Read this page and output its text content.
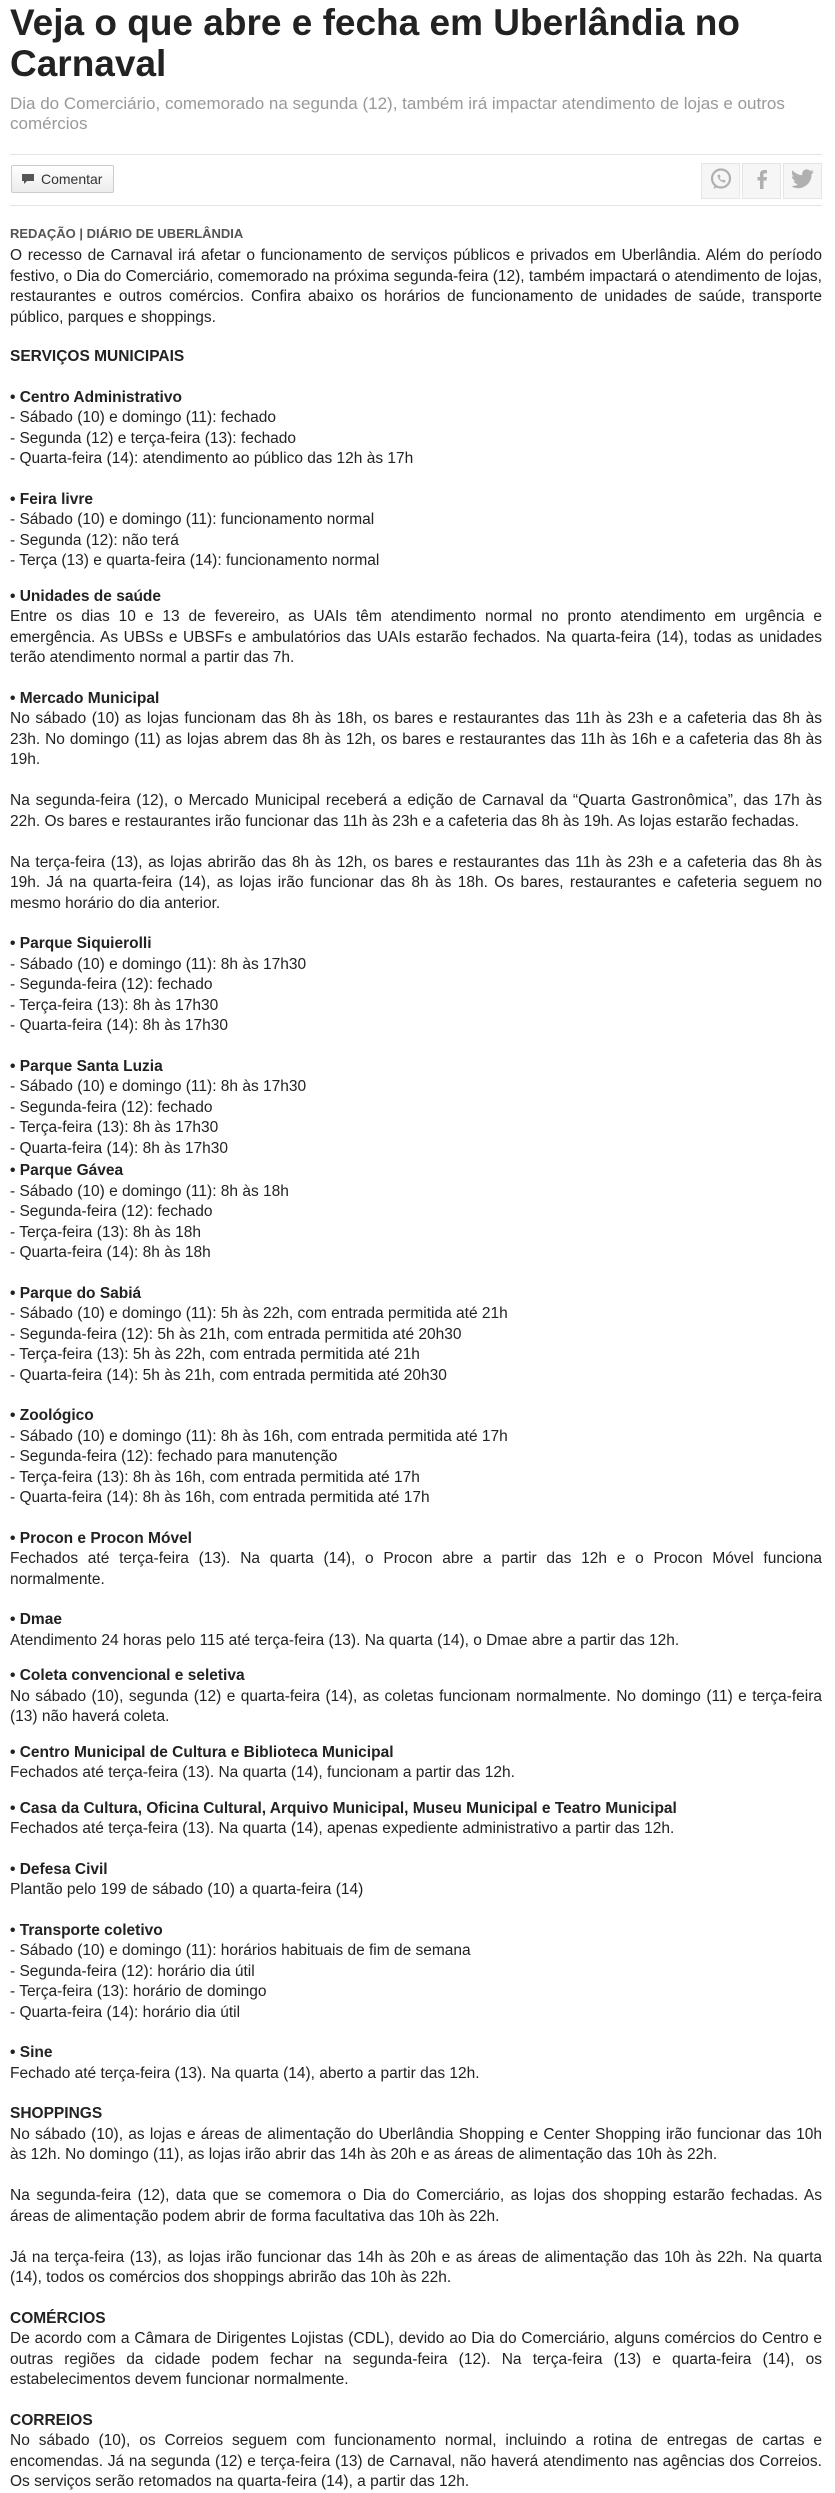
Veja o que abre e fecha em Uberlândia no Carnaval

Dia do Comerciário, comemorado na segunda (12), também irá impactar atendimento de lojas e outros comércios

Comentar
REDAÇÃO | DIÁRIO DE UBERLÂNDIA

O recesso de Carnaval irá afetar o funcionamento de serviços públicos e privados em Uberlândia. Além do período festivo, o Dia do Comerciário, comemorado na próxima segunda-feira (12), também impactará o atendimento de lojas, restaurantes e outros comércios. Confira abaixo os horários de funcionamento de unidades de saúde, transporte público, parques e shoppings.

SERVIÇOS MUNICIPAIS
• Centro Administrativo
- Sábado (10) e domingo (11): fechado
- Segunda (12) e terça-feira (13): fechado
- Quarta-feira (14): atendimento ao público das 12h às 17h
• Feira livre
- Sábado (10) e domingo (11): funcionamento normal
- Segunda (12): não terá
- Terça (13) e quarta-feira (14): funcionamento normal
• Unidades de saúde

Entre os dias 10 e 13 de fevereiro, as UAIs têm atendimento normal no pronto atendimento em urgência e emergência. As UBSs e UBSFs e ambulatórios das UAIs estarão fechados. Na quarta-feira (14), todas as unidades terão atendimento normal a partir das 7h.

• Mercado Municipal

No sábado (10) as lojas funcionam das 8h às 18h, os bares e restaurantes das 11h às 23h e a cafeteria das 8h às 23h. No domingo (11) as lojas abrem das 8h às 12h, os bares e restaurantes das 11h às 16h e a cafeteria das 8h às 19h.

Na segunda-feira (12), o Mercado Municipal receberá a edição de Carnaval da “Quarta Gastronômica”, das 17h às 22h. Os bares e restaurantes irão funcionar das 11h às 23h e a cafeteria das 8h às 19h. As lojas estarão fechadas.

Na terça-feira (13), as lojas abrirão das 8h às 12h, os bares e restaurantes das 11h às 23h e a cafeteria das 8h às 19h. Já na quarta-feira (14), as lojas irão funcionar das 8h às 18h. Os bares, restaurantes e cafeteria seguem no mesmo horário do dia anterior.

• Parque Siquierolli
- Sábado (10) e domingo (11): 8h às 17h30
- Segunda-feira (12): fechado
- Terça-feira (13): 8h às 17h30
- Quarta-feira (14): 8h às 17h30
• Parque Santa Luzia
- Sábado (10) e domingo (11): 8h às 17h30
- Segunda-feira (12): fechado
- Terça-feira (13): 8h às 17h30
- Quarta-feira (14): 8h às 17h30
• Parque Gávea
- Sábado (10) e domingo (11): 8h às 18h
- Segunda-feira (12): fechado
- Terça-feira (13): 8h às 18h
- Quarta-feira (14): 8h às 18h
• Parque do Sabiá
- Sábado (10) e domingo (11): 5h às 22h, com entrada permitida até 21h
- Segunda-feira (12): 5h às 21h, com entrada permitida até 20h30
- Terça-feira (13): 5h às 22h, com entrada permitida até 21h
- Quarta-feira (14): 5h às 21h, com entrada permitida até 20h30
• Zoológico
- Sábado (10) e domingo (11): 8h às 16h, com entrada permitida até 17h
- Segunda-feira (12): fechado para manutenção
- Terça-feira (13): 8h às 16h, com entrada permitida até 17h
- Quarta-feira (14): 8h às 16h, com entrada permitida até 17h
• Procon e Procon Móvel

Fechados até terça-feira (13). Na quarta (14), o Procon abre a partir das 12h e o Procon Móvel funciona normalmente.

• Dmae

Atendimento 24 horas pelo 115 até terça-feira (13). Na quarta (14), o Dmae abre a partir das 12h.

• Coleta convencional e seletiva

No sábado (10), segunda (12) e quarta-feira (14), as coletas funcionam normalmente. No domingo (11) e terça-feira (13) não haverá coleta.

• Centro Municipal de Cultura e Biblioteca Municipal

Fechados até terça-feira (13). Na quarta (14), funcionam a partir das 12h.

• Casa da Cultura, Oficina Cultural, Arquivo Municipal, Museu Municipal e Teatro Municipal

Fechados até terça-feira (13). Na quarta (14), apenas expediente administrativo a partir das 12h.

• Defesa Civil

Plantão pelo 199 de sábado (10) a quarta-feira (14)

• Transporte coletivo
- Sábado (10) e domingo (11): horários habituais de fim de semana
- Segunda-feira (12): horário dia útil
- Terça-feira (13): horário de domingo
- Quarta-feira (14): horário dia útil
• Sine

Fechado até terça-feira (13). Na quarta (14), aberto a partir das 12h.

SHOPPINGS

No sábado (10), as lojas e áreas de alimentação do Uberlândia Shopping e Center Shopping irão funcionar das 10h às 12h. No domingo (11), as lojas irão abrir das 14h às 20h e as áreas de alimentação das 10h às 22h.

Na segunda-feira (12), data que se comemora o Dia do Comerciário, as lojas dos shopping estarão fechadas. As áreas de alimentação podem abrir de forma facultativa das 10h às 22h.

Já na terça-feira (13), as lojas irão funcionar das 14h às 20h e as áreas de alimentação das 10h às 22h. Na quarta (14), todos os comércios dos shoppings abrirão das 10h às 22h.

COMÉRCIOS

De acordo com a Câmara de Dirigentes Lojistas (CDL), devido ao Dia do Comerciário, alguns comércios do Centro e outras regiões da cidade podem fechar na segunda-feira (12). Na terça-feira (13) e quarta-feira (14), os estabelecimentos devem funcionar normalmente.

CORREIOS

No sábado (10), os Correios seguem com funcionamento normal, incluindo a rotina de entregas de cartas e encomendas. Já na segunda (12) e terça-feira (13) de Carnaval, não haverá atendimento nas agências dos Correios. Os serviços serão retomados na quarta-feira (14), a partir das 12h.
